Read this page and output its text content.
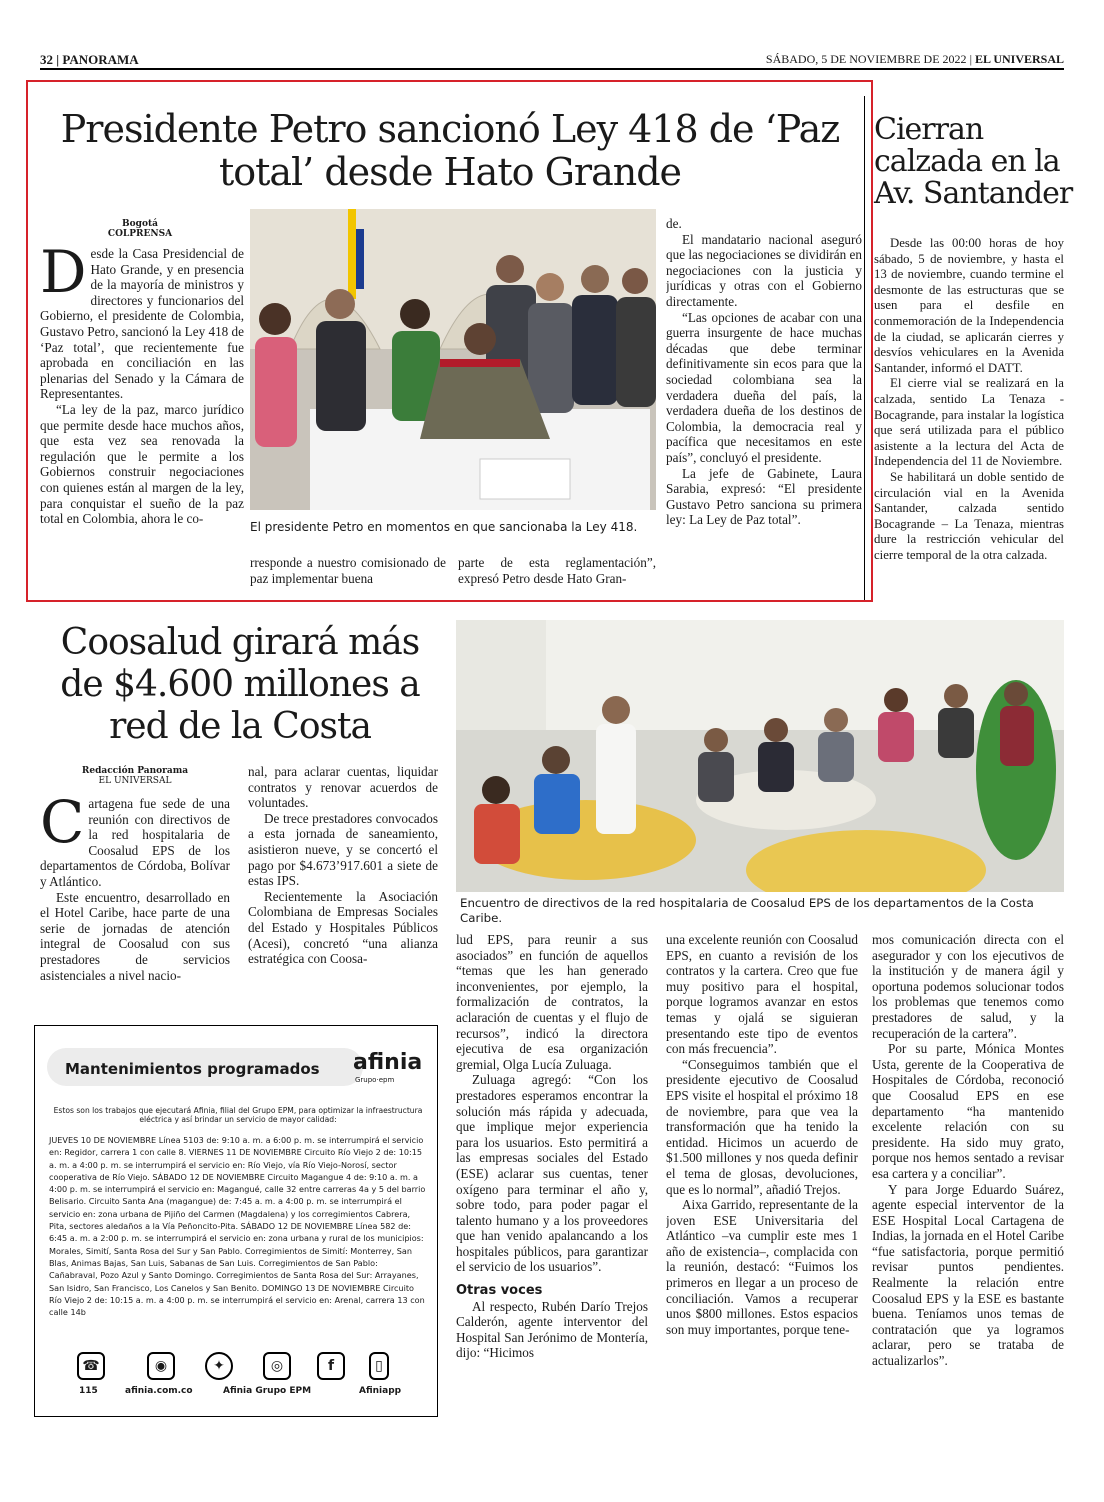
32 | PANORAMA	SÁBADO, 5 DE NOVIEMBRE DE 2022 | EL UNIVERSAL
Presidente Petro sancionó Ley 418 de ‘Paz total’ desde Hato Grande
Bogotá
COLPRENSA

Desde la Casa Presidencial de Hato Grande, y en presencia de la mayoría de ministros y directores y funcionarios del Gobierno, el presidente de Colombia, Gustavo Petro, sancionó la Ley 418 de ‘Paz total’, que recientemente fue aprobada en conciliación en las plenarias del Senado y la Cámara de Representantes.

“La ley de la paz, marco jurídico que permite desde hace muchos años, que esta vez sea renovada la regulación que le permite a los Gobiernos construir negociaciones con quienes están al margen de la ley, para conquistar el sueño de la paz total en Colombia, ahora le co-

El presidente Petro en momentos en que sancionaba la Ley 418.
rresponde a nuestro comisionado de paz implementar buena
parte de esta reglamentación”, expresó Petro desde Hato Gran-

de.

El mandatario nacional aseguró que las negociaciones se dividirán en negociaciones con la justicia y jurídicas y otras con el Gobierno directamente.

“Las opciones de acabar con una guerra insurgente de hace muchas décadas que debe terminar definitivamente sin ecos para que la sociedad colombiana sea la verdadera dueña del país, la verdadera dueña de los destinos de Colombia, la democracia real y pacífica que necesitamos en este país”, concluyó el presidente.

La jefe de Gabinete, Laura Sarabia, expresó: “El presidente Gustavo Petro sanciona su primera ley: La Ley de Paz total”.

Cierran calzada en la Av. Santander

Desde las 00:00 horas de hoy sábado, 5 de noviembre, y hasta el 13 de noviembre, cuando termine el desmonte de las estructuras que se usen para el desfile en conmemoración de la Independencia de la ciudad, se aplicarán cierres y desvíos vehiculares en la Avenida Santander, informó el DATT.

El cierre vial se realizará en la calzada, sentido La Tenaza - Bocagrande, para instalar la logística que será utilizada para el público asistente a la lectura del Acta de Independencia del 11 de Noviembre.

Se habilitará un doble sentido de circulación vial en la Avenida Santander, calzada sentido Bocagrande – La Tenaza, mientras dure la restricción vehicular del cierre temporal de la otra calzada.

Coosalud girará más de $4.600 millones a red de la Costa
Redacción Panorama
EL UNIVERSAL

Cartagena fue sede de una reunión con directivos de la red hospitalaria de Coosalud EPS de los departamentos de Córdoba, Bolívar y Atlántico.

Este encuentro, desarrollado en el Hotel Caribe, hace parte de una serie de jornadas de atención integral de Coosalud con sus prestadores de servicios asistenciales a nivel nacio-

nal, para aclarar cuentas, liquidar contratos y renovar acuerdos de voluntades.

De trece prestadores convocados a esta jornada de saneamiento, asistieron nueve, y se concertó el pago por $4.673’917.601 a siete de estas IPS.

Recientemente la Asociación Colombiana de Empresas Sociales del Estado y Hospitales Públicos (Acesi), concretó “una alianza estratégica con Coosa-

Encuentro de directivos de la red hospitalaria de Coosalud EPS de los departamentos de la Costa Caribe.

lud EPS, para reunir a sus asociados” en función de aquellos “temas que les han generado inconvenientes, por ejemplo, la formalización de contratos, la aclaración de cuentas y el flujo de recursos”, indicó la directora ejecutiva de esa organización gremial, Olga Lucía Zuluaga.

Zuluaga agregó: “Con los prestadores esperamos encontrar la solución más rápida y adecuada, que implique mejor experiencia para los usuarios. Esto permitirá a las empresas sociales del Estado (ESE) aclarar sus cuentas, tener oxígeno para terminar el año y, sobre todo, para poder pagar el talento humano y a los proveedores que han venido apalancando a los hospitales públicos, para garantizar el servicio de los usuarios”.

Otras voces

Al respecto, Rubén Darío Trejos Calderón, agente interventor del Hospital San Jerónimo de Montería, dijo: “Hicimos

una excelente reunión con Coosalud EPS, en cuanto a revisión de los contratos y la cartera. Creo que fue muy positivo para el hospital, porque logramos avanzar en estos temas y ojalá se siguieran presentando este tipo de eventos con más frecuencia”.

“Conseguimos también que el presidente ejecutivo de Coosalud EPS visite el hospital el próximo 18 de noviembre, para que vea la transformación que ha tenido la entidad. Hicimos un acuerdo de $1.500 millones y nos queda definir el tema de glosas, devoluciones, que es lo normal”, añadió Trejos.

Aixa Garrido, representante de la joven ESE Universitaria del Atlántico –va cumplir este mes 1 año de existencia–, complacida con la reunión, destacó: “Fuimos los primeros en llegar a un proceso de conciliación. Vamos a recuperar unos $800 millones. Estos espacios son muy importantes, porque tene-

mos comunicación directa con el asegurador y con los ejecutivos de la institución y de manera ágil y oportuna podemos solucionar todos los problemas que tenemos como prestadores de salud, y la recuperación de la cartera”.

Por su parte, Mónica Montes Usta, gerente de la Cooperativa de Hospitales de Córdoba, reconoció que Coosalud EPS en ese departamento “ha mantenido excelente relación con su presidente. Ha sido muy grato, porque nos hemos sentado a revisar esa cartera y a conciliar”.

Y para Jorge Eduardo Suárez, agente especial interventor de la ESE Hospital Local Cartagena de Indias, la jornada en el Hotel Caribe “fue satisfactoria, porque permitió revisar puntos pendientes. Realmente la relación entre Coosalud EPS y la ESE es bastante buena. Teníamos unos temas de contratación que ya logramos aclarar, pero se trataba de actualizarlos”.

Mantenimientos programados afinia
Grupo·epm
Estos son los trabajos que ejecutará Afinia, filial del Grupo EPM, para optimizar la infraestructura eléctrica y así brindar un servicio de mayor calidad:
JUEVES 10 DE NOVIEMBRE Línea 5103 de: 9:10 a. m. a 6:00 p. m. se interrumpirá el servicio en: Regidor, carrera 1 con calle 8. VIERNES 11 DE NOVIEMBRE Circuito Río Viejo 2 de: 10:15 a. m. a 4:00 p. m. se interrumpirá el servicio en: Río Viejo, vía Río Viejo-Norosí, sector cooperativa de Río Viejo. SÁBADO 12 DE NOVIEMBRE Circuito Magangue 4 de: 9:10 a. m. a 4:00 p. m. se interrumpirá el servicio en: Magangué, calle 32 entre carreras 4a y 5 del barrio Belisario. Circuito Santa Ana (magangue) de: 7:45 a. m. a 4:00 p. m. se interrumpirá el servicio en: zona urbana de Pijiño del Carmen (Magdalena) y los corregimientos Cabrera, Pita, sectores aledaños a la Vía Peñoncito-Pita. SÁBADO 12 DE NOVIEMBRE Línea 582 de: 6:45 a. m. a 2:00 p. m. se interrumpirá el servicio en: zona urbana y rural de los municipios: Morales, Simití, Santa Rosa del Sur y San Pablo. Corregimientos de Simití: Monterrey, San Blas, Animas Bajas, San Luis, Sabanas de San Luis. Corregimientos de San Pablo: Cañabraval, Pozo Azul y Santo Domingo. Corregimientos de Santa Rosa del Sur: Arrayanes, San Isidro, San Francisco, Los Canelos y San Benito. DOMINGO 13 DE NOVIEMBRE Circuito Río Viejo 2 de: 10:15 a. m. a 4:00 p. m. se interrumpirá el servicio en: Arenal, carrera 13 con calle 14b
☎
115
◉
afinia.com.co
✦	◎	f
Afinia Grupo EPM
▯
Afiniapp
